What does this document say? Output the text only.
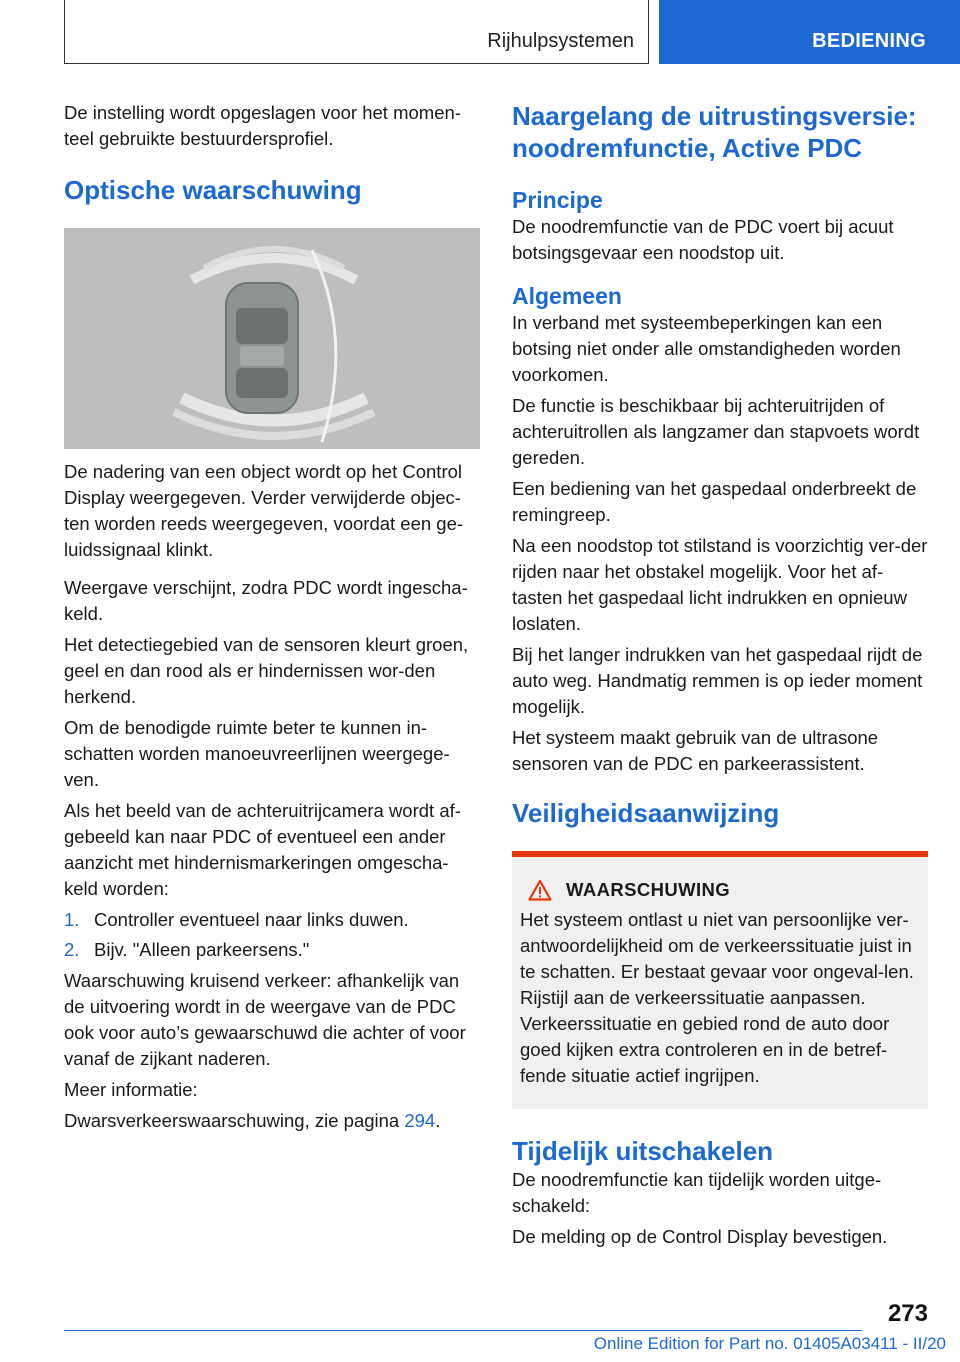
Rijhulpsystemen	BEDIENING

De instelling wordt opgeslagen voor het momen-teel gebruikte bestuurdersprofiel.

Optische waarschuwing

De nadering van een object wordt op het Control Display weergegeven. Verder verwijderde objec-ten worden reeds weergegeven, voordat een ge-luidssignaal klinkt.

Weergave verschijnt, zodra PDC wordt ingescha-keld.

Het detectiegebied van de sensoren kleurt groen, geel en dan rood als er hindernissen wor-den herkend.

Om de benodigde ruimte beter te kunnen in-schatten worden manoeuvreerlijnen weergege-ven.

Als het beeld van de achteruitrijcamera wordt af-gebeeld kan naar PDC of eventueel een ander aanzicht met hindernismarkeringen omgescha-keld worden:

1. Controller eventueel naar links duwen.
2. Bijv. "Alleen parkeersens."

Waarschuwing kruisend verkeer: afhankelijk van de uitvoering wordt in de weergave van de PDC ook voor auto’s gewaarschuwd die achter of voor vanaf de zijkant naderen.

Meer informatie:

Dwarsverkeerswaarschuwing, zie pagina 294.

Naargelang de uitrustingsversie: noodremfunctie, Active PDC
Principe

De noodremfunctie van de PDC voert bij acuut botsingsgevaar een noodstop uit.

Algemeen

In verband met systeembeperkingen kan een botsing niet onder alle omstandigheden worden voorkomen.

De functie is beschikbaar bij achteruitrijden of achteruitrollen als langzamer dan stapvoets wordt gereden.

Een bediening van het gaspedaal onderbreekt de remingreep.

Na een noodstop tot stilstand is voorzichtig ver-der rijden naar het obstakel mogelijk. Voor het af-tasten het gaspedaal licht indrukken en opnieuw loslaten.

Bij het langer indrukken van het gaspedaal rijdt de auto weg. Handmatig remmen is op ieder moment mogelijk.

Het systeem maakt gebruik van de ultrasone sensoren van de PDC en parkeerassistent.

Veiligheidsaanwijzing
WAARSCHUWING

Het systeem ontlast u niet van persoonlijke ver-antwoordelijkheid om de verkeerssituatie juist in te schatten. Er bestaat gevaar voor ongeval-len. Rijstijl aan de verkeerssituatie aanpassen. Verkeerssituatie en gebied rond de auto door goed kijken extra controleren en in de betref-fende situatie actief ingrijpen.

Tijdelijk uitschakelen

De noodremfunctie kan tijdelijk worden uitge-schakeld:

De melding op de Control Display bevestigen.

273
Online Edition for Part no. 01405A03411 - II/20
